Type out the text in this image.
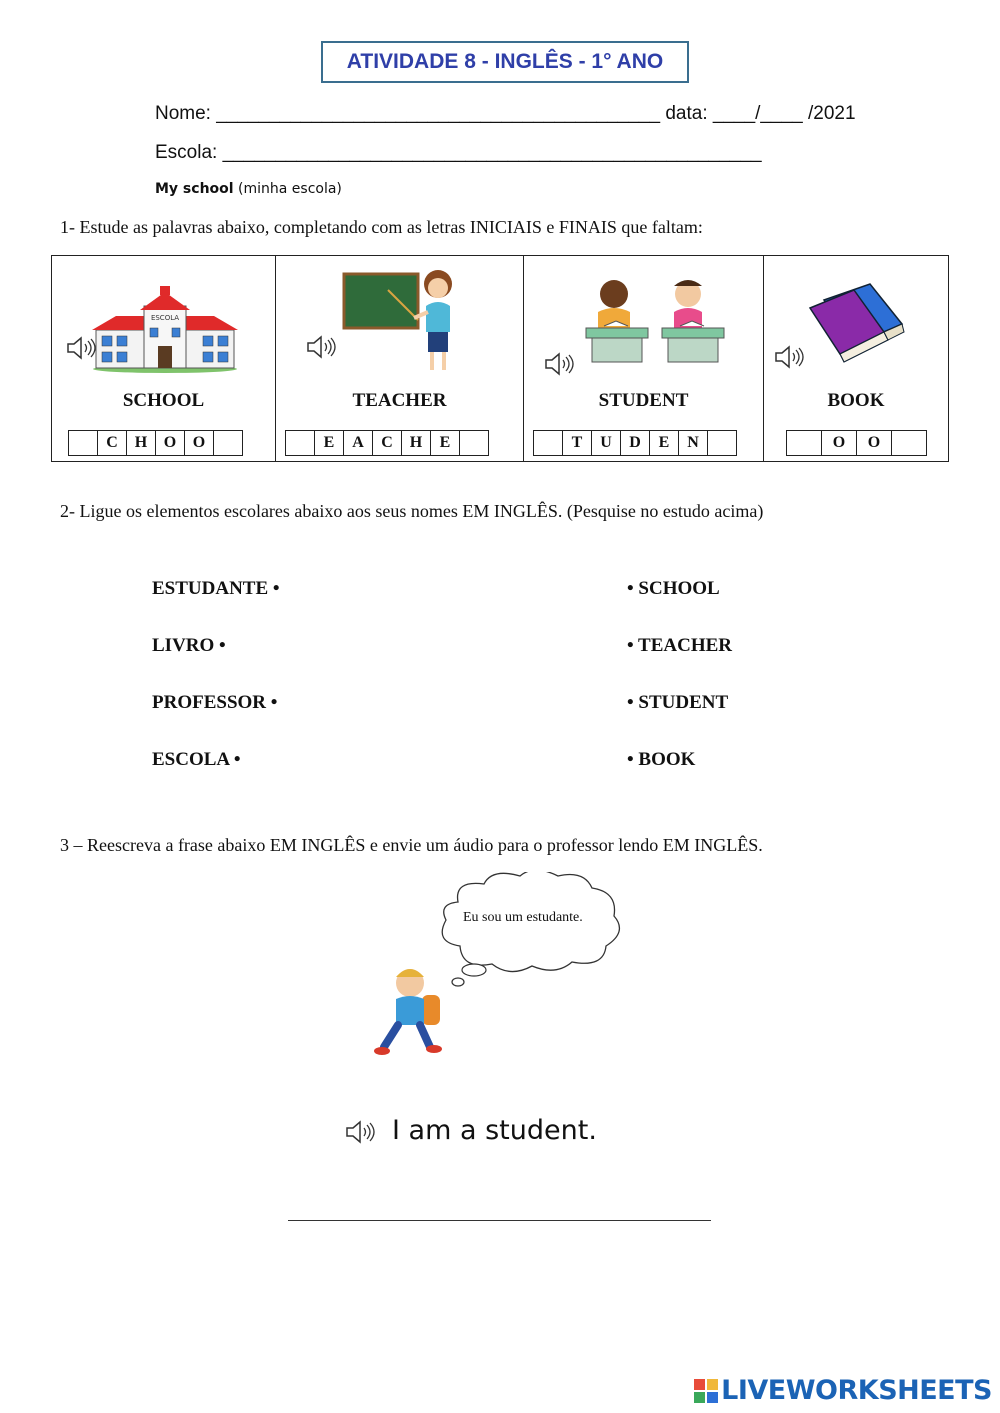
ATIVIDADE 8 - INGLÊS - 1° ANO
Nome: __________________________________________ data: ____/____ /2021
Escola: ___________________________________________________
My school (minha escola)
1- Estude as palavras abaixo, completando com as letras INICIAIS e FINAIS que faltam:
ESCOLA
SCHOOL
C	H	O	O
TEACHER
E	A	C	H	E
STUDENT
T	U	D	E	N
BOOK
O	O
2- Ligue os elementos escolares abaixo aos seus nomes EM INGLÊS. (Pesquise no estudo acima)
ESTUDANTE •
LIVRO •
PROFESSOR •
ESCOLA •
• SCHOOL
• TEACHER
• STUDENT
• BOOK
3 – Reescreva a frase abaixo EM INGLÊS e envie um áudio para o professor lendo EM INGLÊS.
Eu sou um estudante.
I am a student.
LIVEWORKSHEETS
